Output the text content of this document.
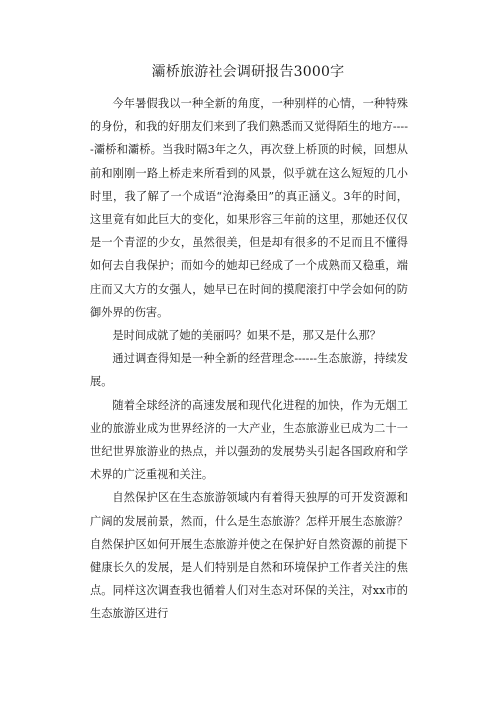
灞桥旅游社会调研报告3000字

今年暑假我以一种全新的角度，一种别样的心情，一种特殊的身份，和我的好朋友们来到了我们熟悉而又觉得陌生的地方-----灞桥和灞桥。当我时隔3年之久，再次登上桥顶的时候，回想从前和刚刚一路上桥走来所看到的风景，似乎就在这么短短的几小时里，我了解了一个成语“沧海桑田”的真正涵义。3年的时间，这里竟有如此巨大的变化，如果形容三年前的这里，那她还仅仅是一个青涩的少女，虽然很美，但是却有很多的不足而且不懂得如何去自我保护；而如今的她却已经成了一个成熟而又稳重，端庄而又大方的女强人，她早已在时间的摸爬滚打中学会如何的防御外界的伤害。

是时间成就了她的美丽吗？如果不是，那又是什么那？

通过调查得知是一种全新的经营理念------生态旅游，持续发展。

随着全球经济的高速发展和现代化进程的加快，作为无烟工业的旅游业成为世界经济的一大产业，生态旅游业已成为二十一世纪世界旅游业的热点，并以强劲的发展势头引起各国政府和学术界的广泛重视和关注。

自然保护区在生态旅游领域内有着得天独厚的可开发资源和广阔的发展前景，然而，什么是生态旅游？怎样开展生态旅游？自然保护区如何开展生态旅游并使之在保护好自然资源的前提下健康长久的发展，是人们特别是自然和环境保护工作者关注的焦点。同样这次调查我也循着人们对生态对环保的关注，对xx市的生态旅游区进行
